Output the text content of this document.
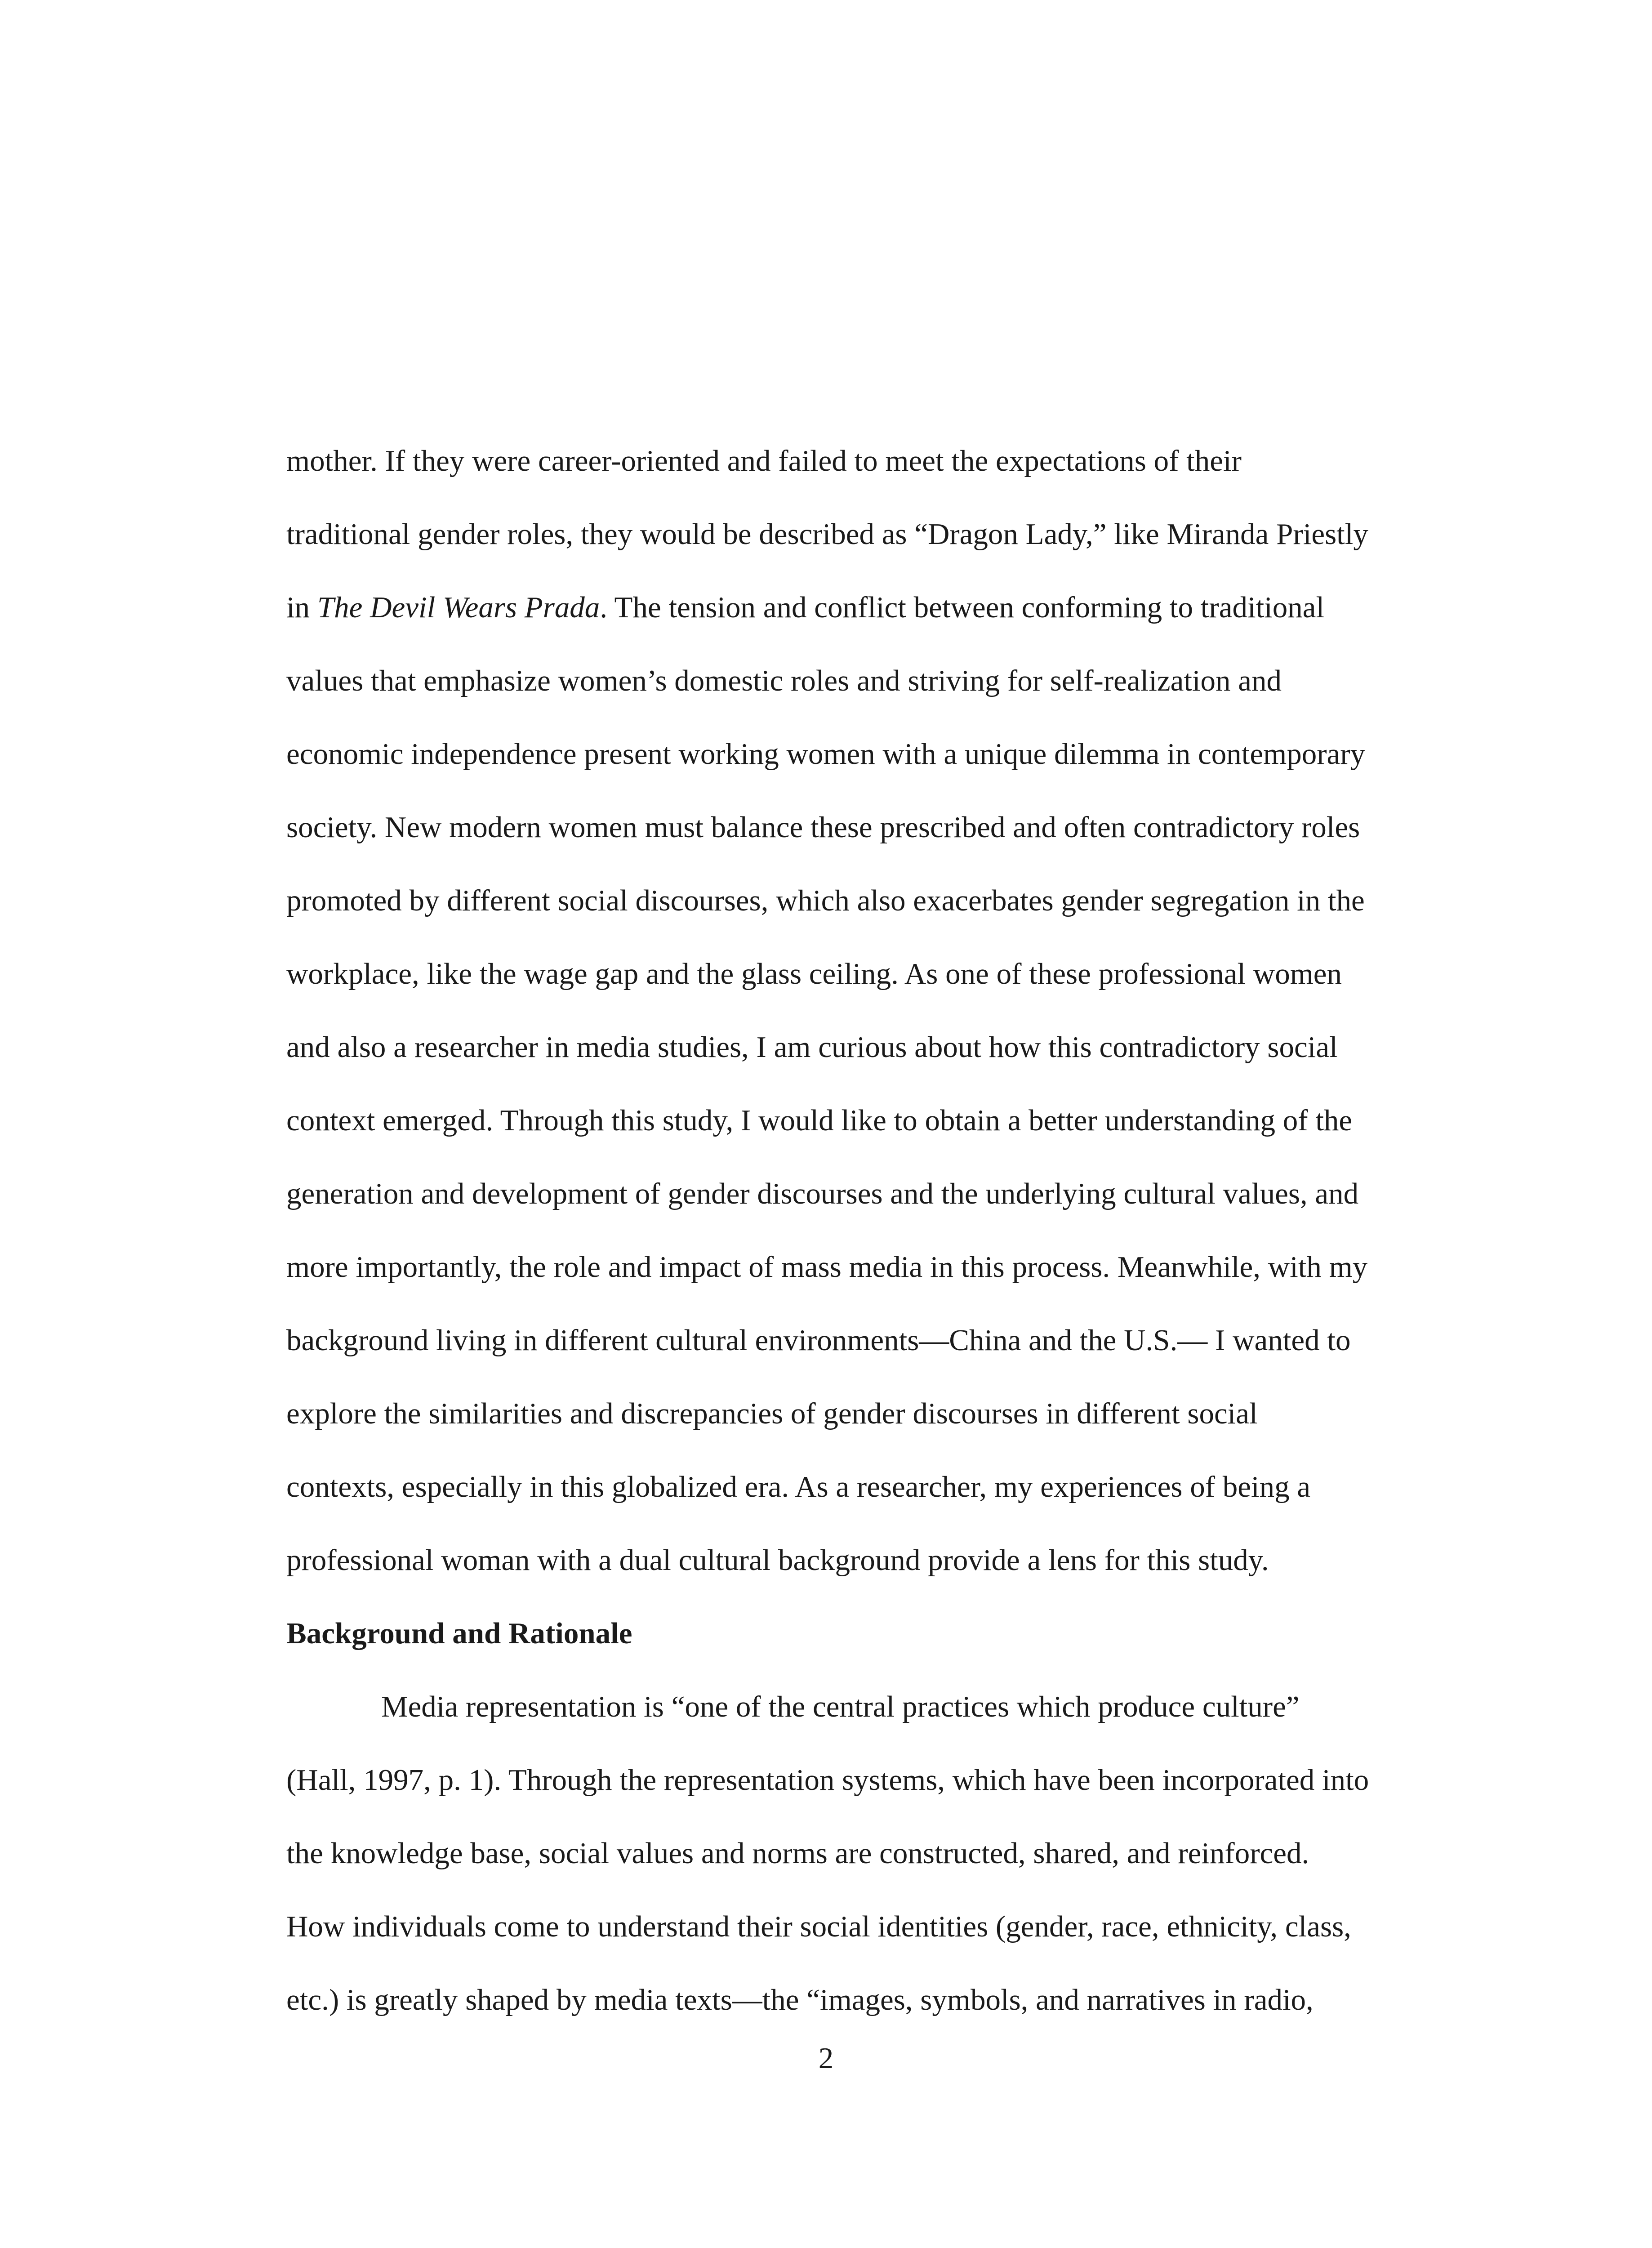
mother. If they were career-oriented and failed to meet the expectations of their
traditional gender roles, they would be described as “Dragon Lady,” like Miranda Priestly
in The Devil Wears Prada. The tension and conflict between conforming to traditional
values that emphasize women’s domestic roles and striving for self-realization and
economic independence present working women with a unique dilemma in contemporary
society. New modern women must balance these prescribed and often contradictory roles
promoted by different social discourses, which also exacerbates gender segregation in the
workplace, like the wage gap and the glass ceiling. As one of these professional women
and also a researcher in media studies, I am curious about how this contradictory social
context emerged. Through this study, I would like to obtain a better understanding of the
generation and development of gender discourses and the underlying cultural values, and
more importantly, the role and impact of mass media in this process. Meanwhile, with my
background living in different cultural environments—China and the U.S.— I wanted to
explore the similarities and discrepancies of gender discourses in different social
contexts, especially in this globalized era. As a researcher, my experiences of being a
professional woman with a dual cultural background provide a lens for this study.
Background and Rationale
Media representation is “one of the central practices which produce culture”
(Hall, 1997, p. 1). Through the representation systems, which have been incorporated into
the knowledge base, social values and norms are constructed, shared, and reinforced.
How individuals come to understand their social identities (gender, race, ethnicity, class,
etc.) is greatly shaped by media texts—the “images, symbols, and narratives in radio,
2
